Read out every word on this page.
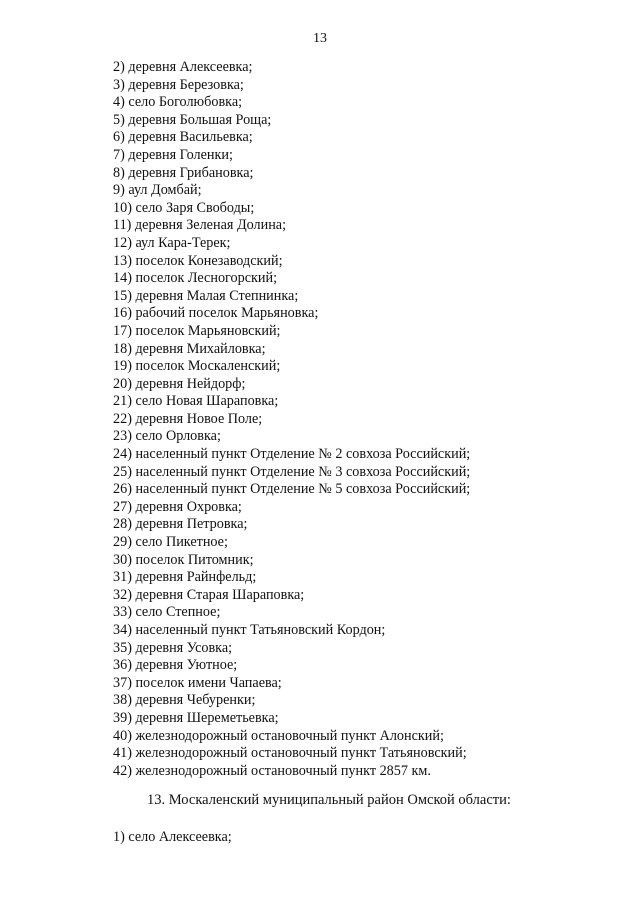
13
2) деревня Алексеевка;
3) деревня Березовка;
4) село Боголюбовка;
5) деревня Большая Роща;
6) деревня Васильевка;
7) деревня Голенки;
8) деревня Грибановка;
9) аул Домбай;
10) село Заря Свободы;
11) деревня Зеленая Долина;
12) аул Кара-Терек;
13) поселок Конезаводский;
14) поселок Лесногорский;
15) деревня Малая Степнинка;
16) рабочий поселок Марьяновка;
17) поселок Марьяновский;
18) деревня Михайловка;
19) поселок Москаленский;
20) деревня Нейдорф;
21) село Новая Шараповка;
22) деревня Новое Поле;
23) село Орловка;
24) населенный пункт Отделение № 2 совхоза Российский;
25) населенный пункт Отделение № 3 совхоза Российский;
26) населенный пункт Отделение № 5 совхоза Российский;
27) деревня Охровка;
28) деревня Петровка;
29) село Пикетное;
30) поселок Питомник;
31) деревня Райнфельд;
32) деревня Старая Шараповка;
33) село Степное;
34) населенный пункт Татьяновский Кордон;
35) деревня Усовка;
36) деревня Уютное;
37) поселок имени Чапаева;
38) деревня Чебуренки;
39) деревня Шереметьевка;
40) железнодорожный остановочный пункт Алонский;
41) железнодорожный остановочный пункт Татьяновский;
42) железнодорожный остановочный пункт 2857 км.
13. Москаленский муниципальный район Омской области:
1) село Алексеевка;
